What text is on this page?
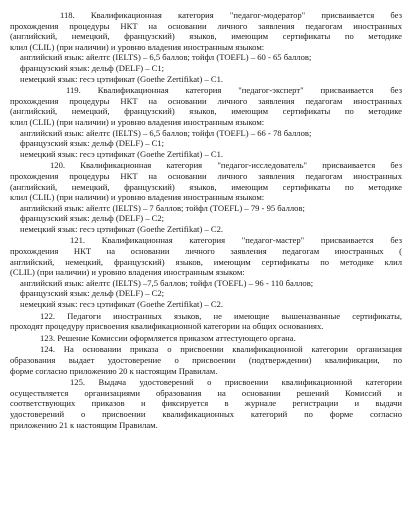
118. Квалификационная категория "педагог-модератор" присваивается без
прохождения процедуры НКТ на основании личного заявления педагогам иностранных
(английский, немецкий, французский) языков, имеющим сертификаты по методике
клил (CLIL) (при наличии) и уровню владения иностранным языком:
английский язык: айелтс (IELTS) – 6,5 баллов; тойфл (TOEFL) – 60 - 65 баллов;
французский язык: дельф (DELF) – C1;
немецкий язык: гесэ цэтификат (Goethe Zertifikat) – C1.
119. Квалификационная категория "педагог-эксперт" присваивается без
прохождения процедуры НКТ на основании личного заявления педагогам иностранных
(английский, немецкий, французский) языков, имеющим сертификаты по методике
клил (CLIL) (при наличии) и уровню владения иностранным языком:
английский язык: айелтс (IELTS) – 6,5 баллов; тойфл (TOEFL) – 66 - 78 баллов;
французский язык: дельф (DELF) – C1;
немецкий язык: гесэ цэтификат (Goethe Zertifikat) – C1.
120. Квалификационная категория "педагог-исследователь" присваивается без
прохождения процедуры НКТ на основании личного заявления педагогам иностранных
(английский, немецкий, французский) языков, имеющим сертификаты по методике
клил (CLIL) (при наличии) и уровню владения иностранным языком:
английский язык: айелтс (IELTS) – 7 баллов; тойфл (TOEFL) – 79 - 95 баллов;
французский язык: дельф (DELF) – C2;
немецкий язык: гесэ цэтификат (Goethe Zertifikat) – C2.
121. Квалификационная категория "педагог-мастер" присваивается без
прохождения НКТ на основании личного заявления педагогам иностранных (
английский, немецкий, французский) языков, имеющим сертификаты по методике клил
(CLIL) (при наличии) и уровню владения иностранным языком:
английский язык: айелтс (IELTS) –7,5 баллов; тойфл (TOEFL) – 96 - 110 баллов;
французский язык: дельф (DELF) – C2;
немецкий язык: гесэ цэтификат (Goethe Zertifikat) – C2.
122. Педагоги иностранных языков, не имеющие вышеназванные сертификаты,
проходят процедуру присвоения квалификационной категории на общих основаниях.
123. Решение Комиссии оформляется приказом аттестующего органа.
124. На основании приказа о присвоении квалификационной категории организация
образования выдает удостоверение о присвоении (подтверждении) квалификации, по
форме согласно приложению 20 к настоящим Правилам.
125. Выдача удостоверений о присвоении квалификационной категории
осуществляется организациями образования на основании решений Комиссий и
соответствующих приказов и фиксируется в журнале регистрации и выдачи
удостоверений о присвоении квалификационных категорий по форме согласно
приложению 21 к настоящим Правилам.
